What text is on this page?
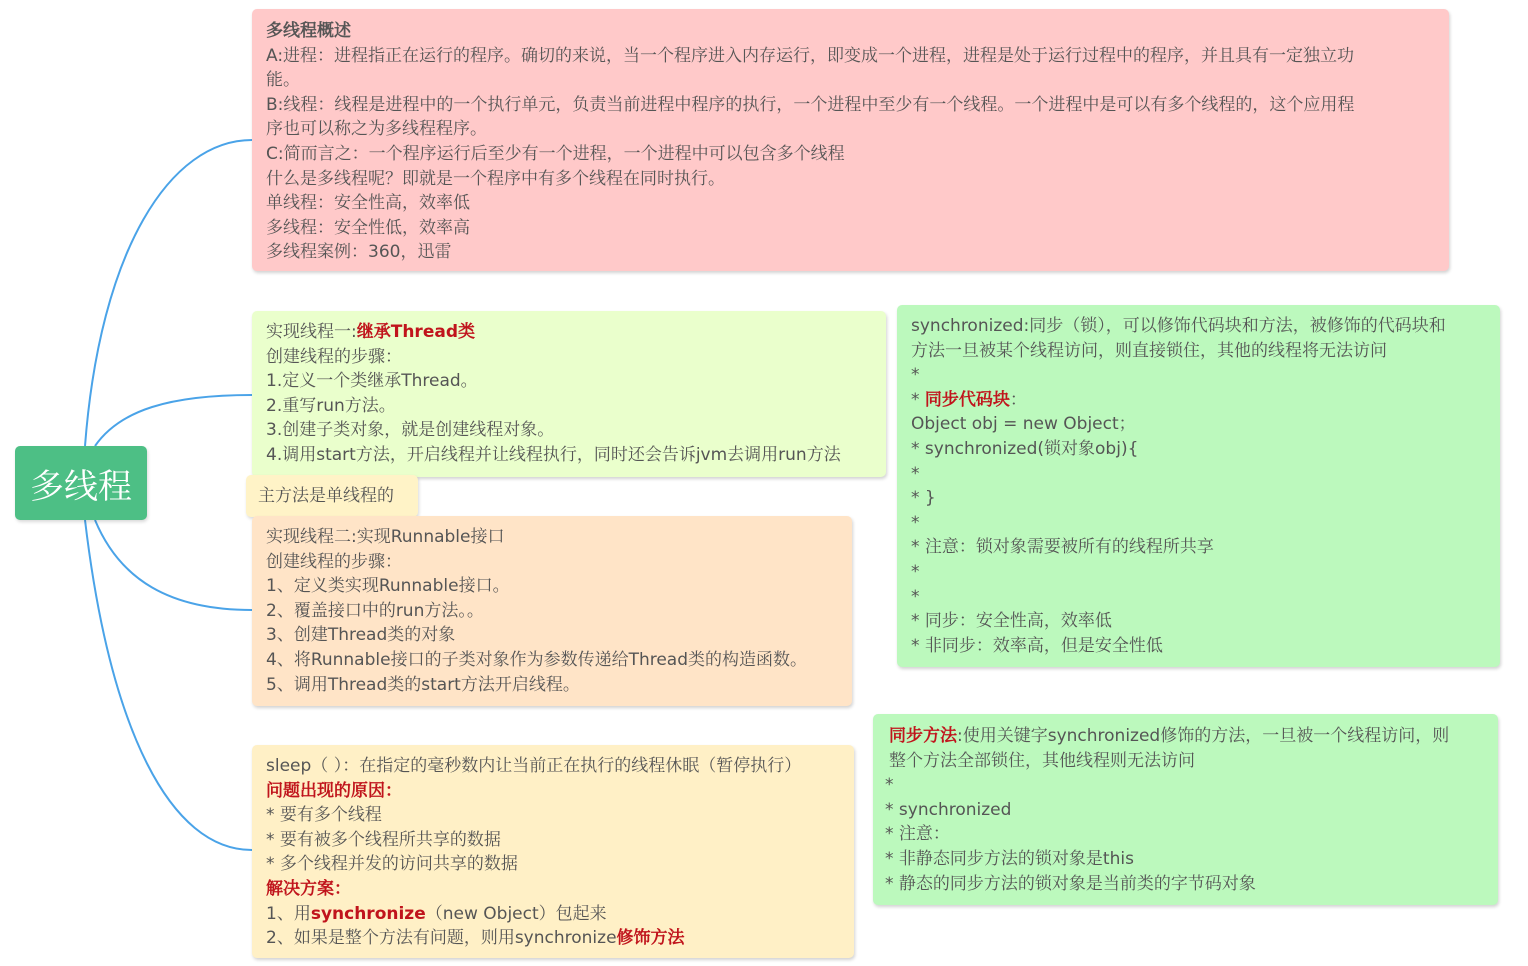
多线程
多线程概述
A:进程：进程指正在运行的程序。确切的来说，当一个程序进入内存运行，即变成一个进程，进程是处于运行过程中的程序，并且具有一定独立功
能。
B:线程：线程是进程中的一个执行单元，负责当前进程中程序的执行，一个进程中至少有一个线程。一个进程中是可以有多个线程的，这个应用程
序也可以称之为多线程程序。
C:简而言之：一个程序运行后至少有一个进程，一个进程中可以包含多个线程
什么是多线程呢？即就是一个程序中有多个线程在同时执行。
单线程：安全性高，效率低
多线程：安全性低，效率高
多线程案例：360，迅雷
实现线程一:继承Thread类
创建线程的步骤：
1.定义一个类继承Thread。
2.重写run方法。
3.创建子类对象，就是创建线程对象。
4.调用start方法，开启线程并让线程执行，同时还会告诉jvm去调用run方法
主方法是单线程的
实现线程二:实现Runnable接口
创建线程的步骤：
1、定义类实现Runnable接口。
2、覆盖接口中的run方法。。
3、创建Thread类的对象
4、将Runnable接口的子类对象作为参数传递给Thread类的构造函数。
5、调用Thread类的start方法开启线程。
sleep（ ）：在指定的毫秒数内让当前正在执行的线程休眠（暂停执行）
问题出现的原因：
* 要有多个线程
* 要有被多个线程所共享的数据
* 多个线程并发的访问共享的数据
解决方案：
1、用synchronize（new Object）包起来
2、如果是整个方法有问题，则用synchronize修饰方法
synchronized:同步（锁），可以修饰代码块和方法，被修饰的代码块和
方法一旦被某个线程访问，则直接锁住，其他的线程将无法访问
*
* 同步代码块：
Object obj = new Object；
* synchronized(锁对象obj){
*
* }
*
* 注意：锁对象需要被所有的线程所共享
*
*
* 同步：安全性高，效率低
* 非同步：效率高，但是安全性低
同步方法:使用关键字synchronized修饰的方法，一旦被一个线程访问，则
整个方法全部锁住，其他线程则无法访问
*
* synchronized
* 注意：
* 非静态同步方法的锁对象是this
* 静态的同步方法的锁对象是当前类的字节码对象
